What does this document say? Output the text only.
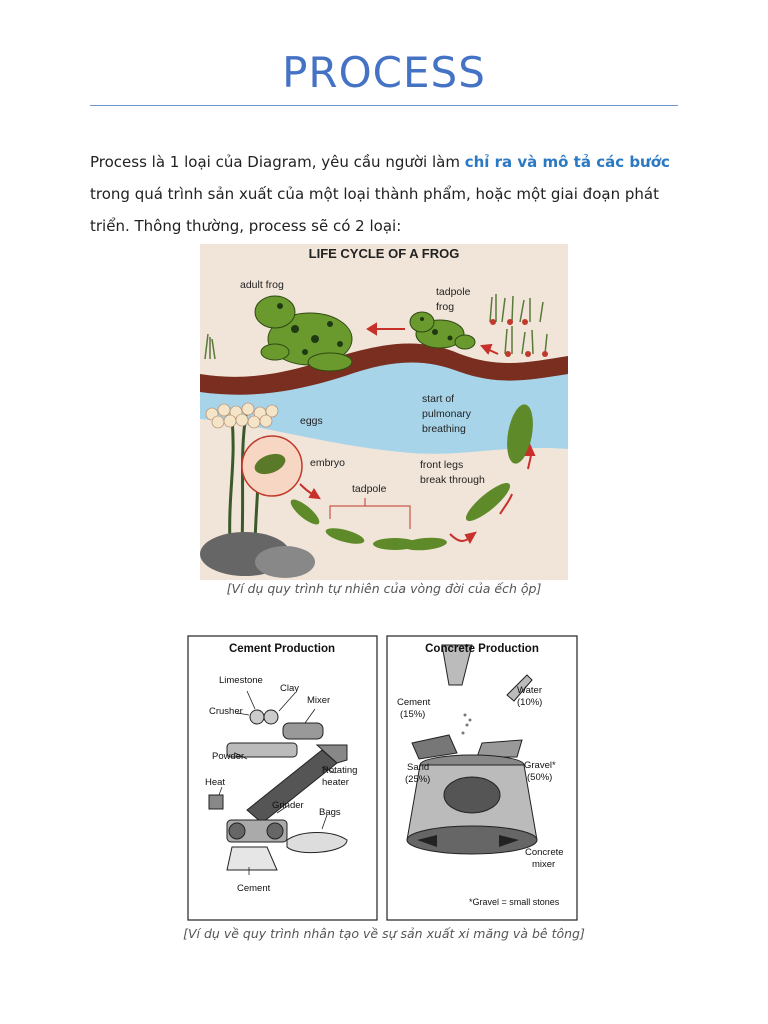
PROCESS
Process là 1 loại của Diagram, yêu cầu người làm chỉ ra và mô tả các bước trong quá trình sản xuất của một loại thành phẩm, hoặc một giai đoạn phát triển. Thông thường, process sẽ có 2 loại:
LIFE CYCLE OF A FROG
adult frog
tadpole
frog
start of
pulmonary
breathing
eggs
embryo
tadpole
front legs
break through
[Ví dụ quy trình tự nhiên của vòng đời của ếch ộp]
Cement Production
Limestone
Clay
Mixer
Crusher
Powder
Rotating
heater
Heat
Grinder
Bags
Cement
Concrete Production
Cement
(15%)
Water
(10%)
Sand
(25%)
Gravel*
(50%)
Concrete
mixer
*Gravel = small stones
[Ví dụ về quy trình nhân tạo về sự sản xuất xi măng và bê tông]
